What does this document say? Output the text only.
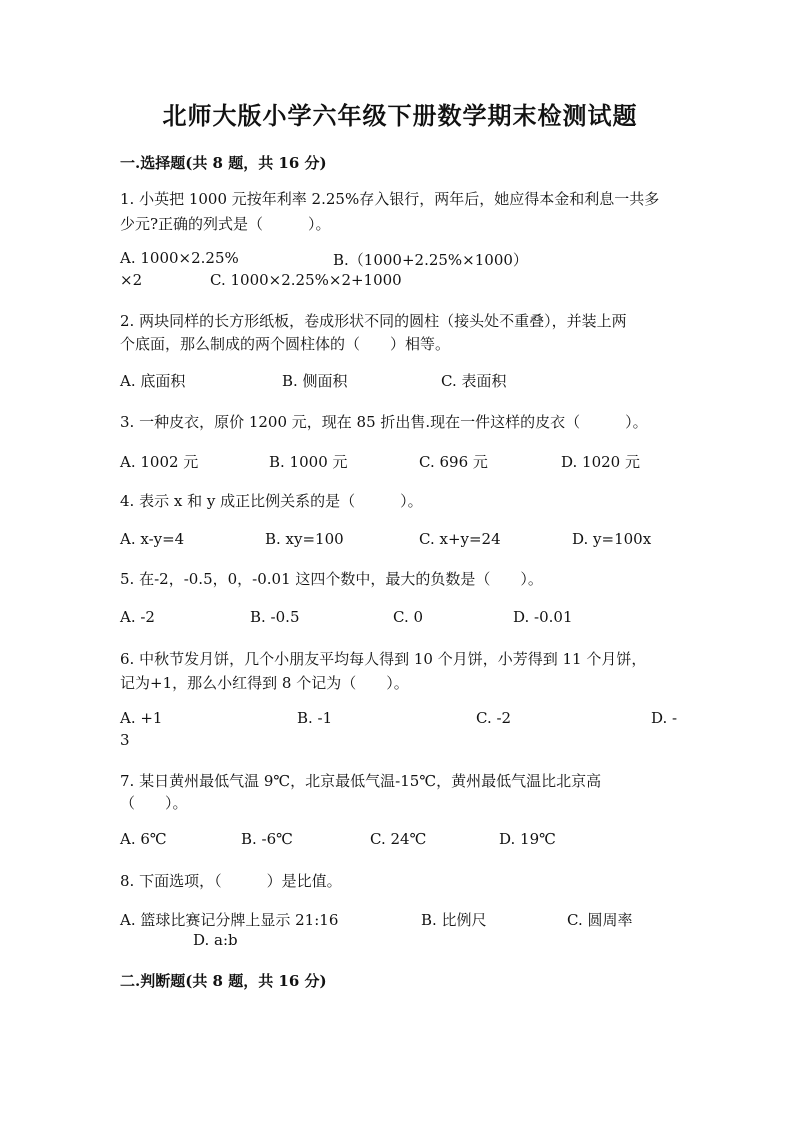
北师大版小学六年级下册数学期末检测试题
一.选择题(共 8 题，共 16 分)
1. 小英把 1000 元按年利率 2.25%存入银行，两年后，她应得本金和利息一共多
少元?正确的列式是（　　　）。
A. 1000×2.25%	B.（1000+2.25%×1000）
×2	C. 1000×2.25%×2+1000
2. 两块同样的长方形纸板，卷成形状不同的圆柱（接头处不重叠），并装上两
个底面，那么制成的两个圆柱体的（　　）相等。
A. 底面积	B. 侧面积	C. 表面积
3. 一种皮衣，原价 1200 元，现在 85 折出售.现在一件这样的皮衣（　　　）。
A. 1002 元	B. 1000 元	C. 696 元	D. 1020 元
4. 表示 x 和 y 成正比例关系的是（　　　）。
A. x-y=4	B. xy=100	C. x+y=24	D. y=100x
5. 在-2，-0.5，0，-0.01 这四个数中，最大的负数是（　　）。
A. -2	B. -0.5	C. 0	D. -0.01
6. 中秋节发月饼，几个小朋友平均每人得到 10 个月饼，小芳得到 11 个月饼，
记为+1，那么小红得到 8 个记为（　　）。
A. +1	B. -1	C. -2	D. -
3
7. 某日黄州最低气温 9℃，北京最低气温-15℃，黄州最低气温比北京高
（　　）。
A. 6℃	B. -6℃	C. 24℃	D. 19℃
8. 下面选项，（　　　）是比值。
A. 篮球比赛记分牌上显示 21:16	B. 比例尺	C. 圆周率
D. a:b
二.判断题(共 8 题，共 16 分)
